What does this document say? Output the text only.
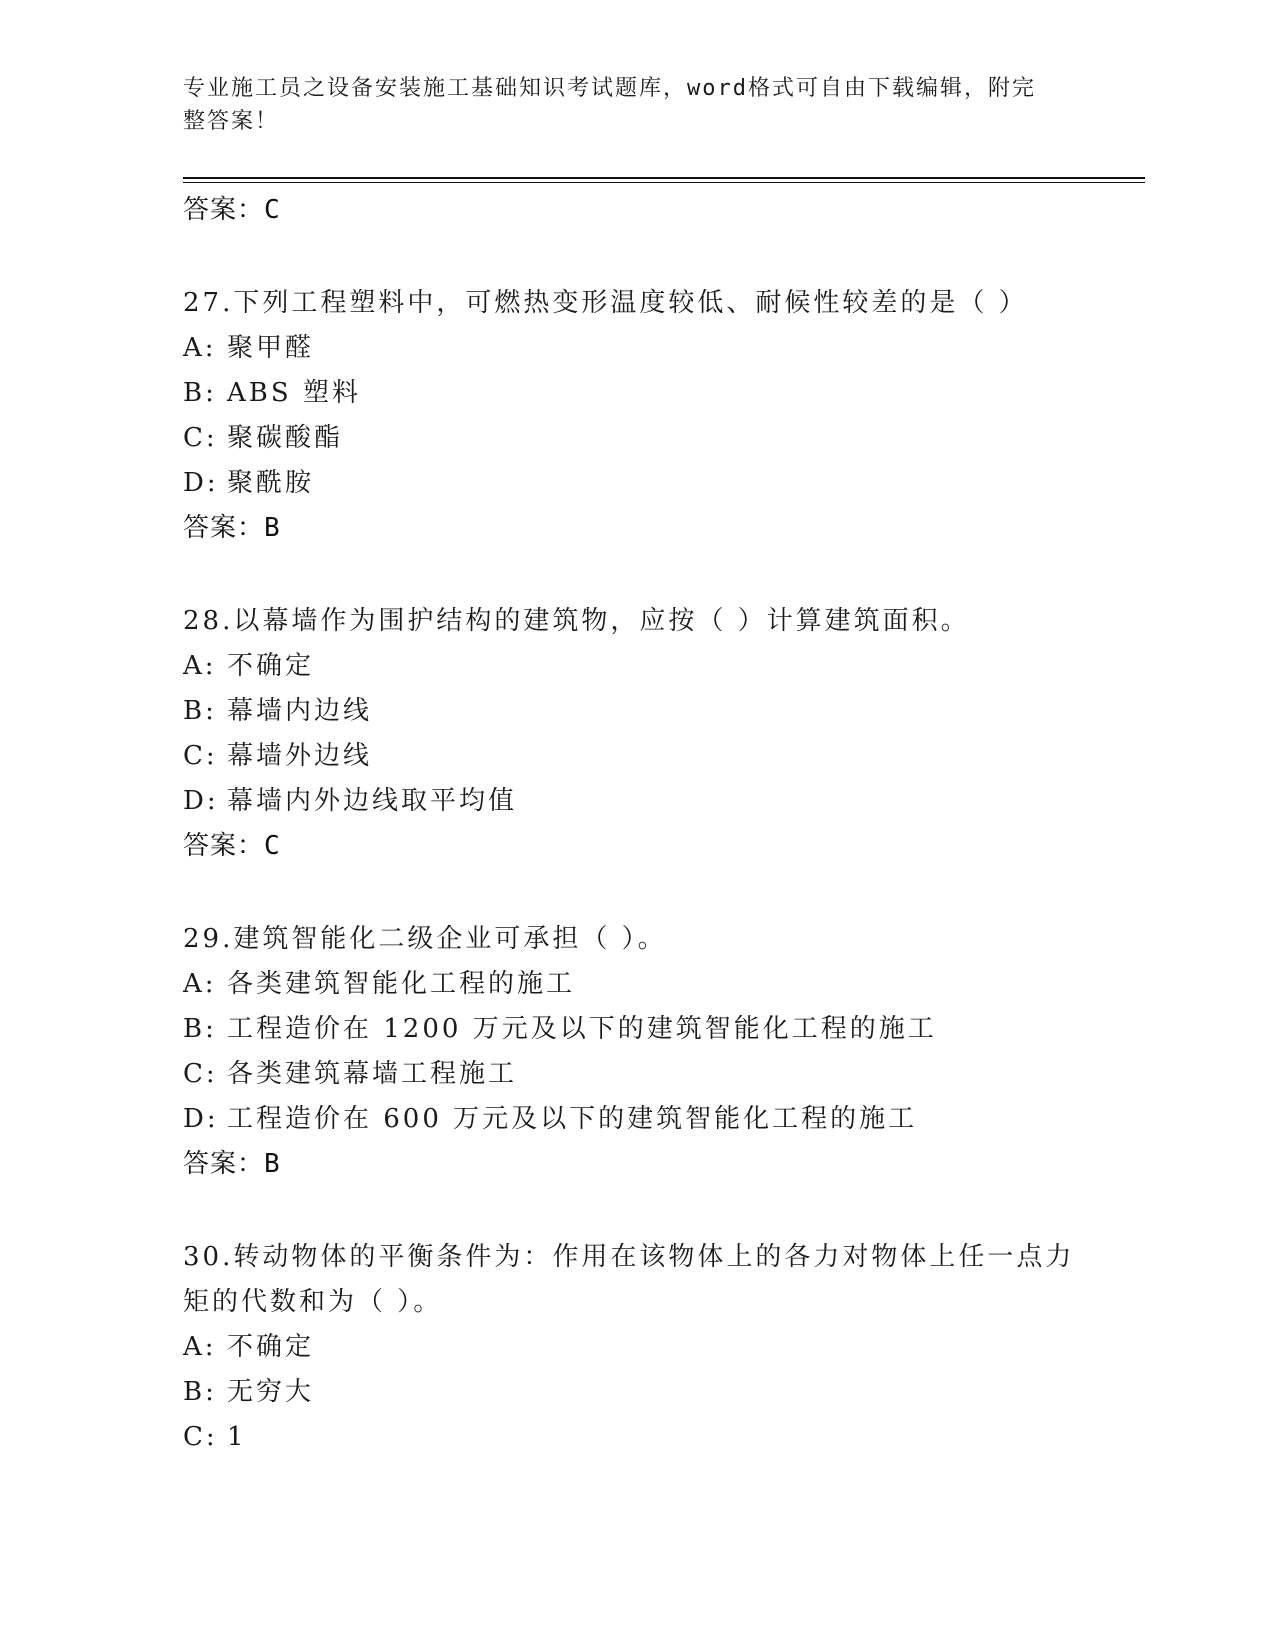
专业施工员之设备安装施工基础知识考试题库，word格式可自由下载编辑，附完
整答案！
答案：C
27.下列工程塑料中，可燃热变形温度较低、耐候性较差的是（ ）
A: 聚甲醛
B: ABS 塑料
C: 聚碳酸酯
D: 聚酰胺
答案：B
28.以幕墙作为围护结构的建筑物，应按（ ）计算建筑面积。
A: 不确定
B: 幕墙内边线
C: 幕墙外边线
D: 幕墙内外边线取平均值
答案：C
29.建筑智能化二级企业可承担（ ）。
A: 各类建筑智能化工程的施工
B: 工程造价在 1200 万元及以下的建筑智能化工程的施工
C: 各类建筑幕墙工程施工
D: 工程造价在 600 万元及以下的建筑智能化工程的施工
答案：B
30.转动物体的平衡条件为：作用在该物体上的各力对物体上任一点力矩的代数和为（ ）。
A: 不确定
B: 无穷大
C: 1
